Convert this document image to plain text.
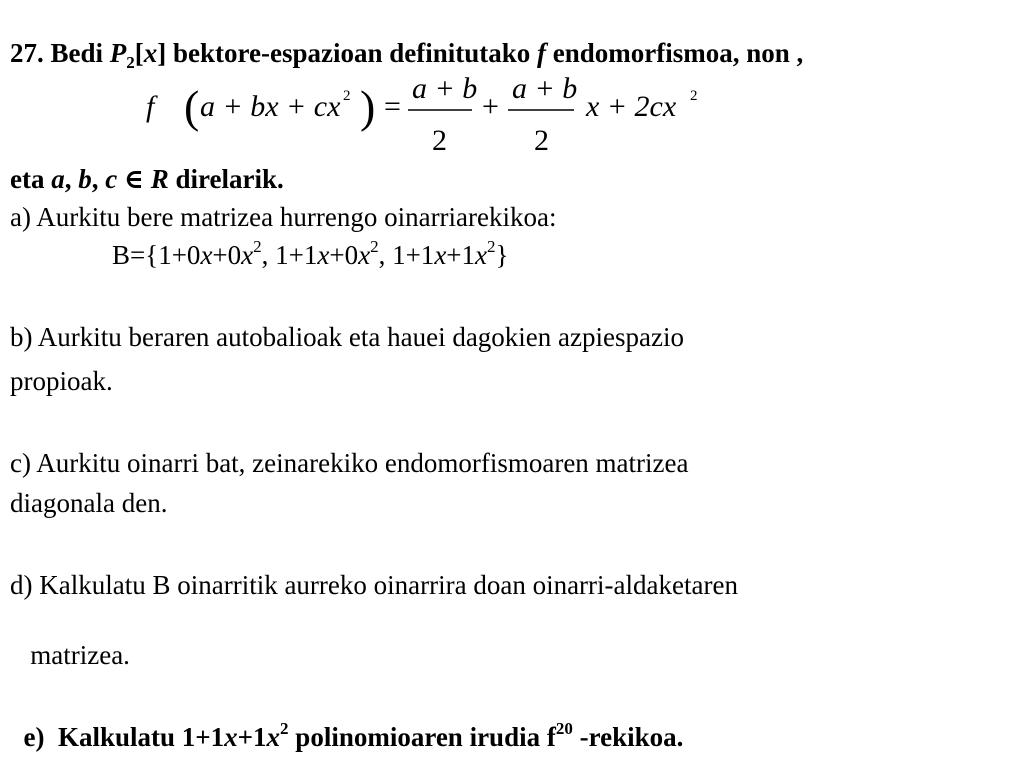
27. Bedi $P_2[x]$ bektore-espazioan definitutako f endomorfismoa, non ,
f ( a + bx + cx 2 ) =
a + b
2
+
a + b
2
x + 2cx 2
eta a, b, c ∈ R direlarik.
a) Aurkitu bere matrizea hurrengo oinarriarekikoa:
$B=\{1+0x+0x^2$, $1+1x+0x^2$, $1+1x+1x^2$}
b) Aurkitu beraren autobalioak eta hauei dagokien azpiespazio
propioak.
c) Aurkitu oinarri bat, zeinarekiko endomorfismoaren matrizea
diagonala den.
d) Kalkulatu B oinarritik aurreko oinarrira doan oinarri-aldaketaren

matrizea.

e)  Kalkulatu $1+1x+1x^2$ polinomioaren irudia $f^{20}$ -rekikoa.
